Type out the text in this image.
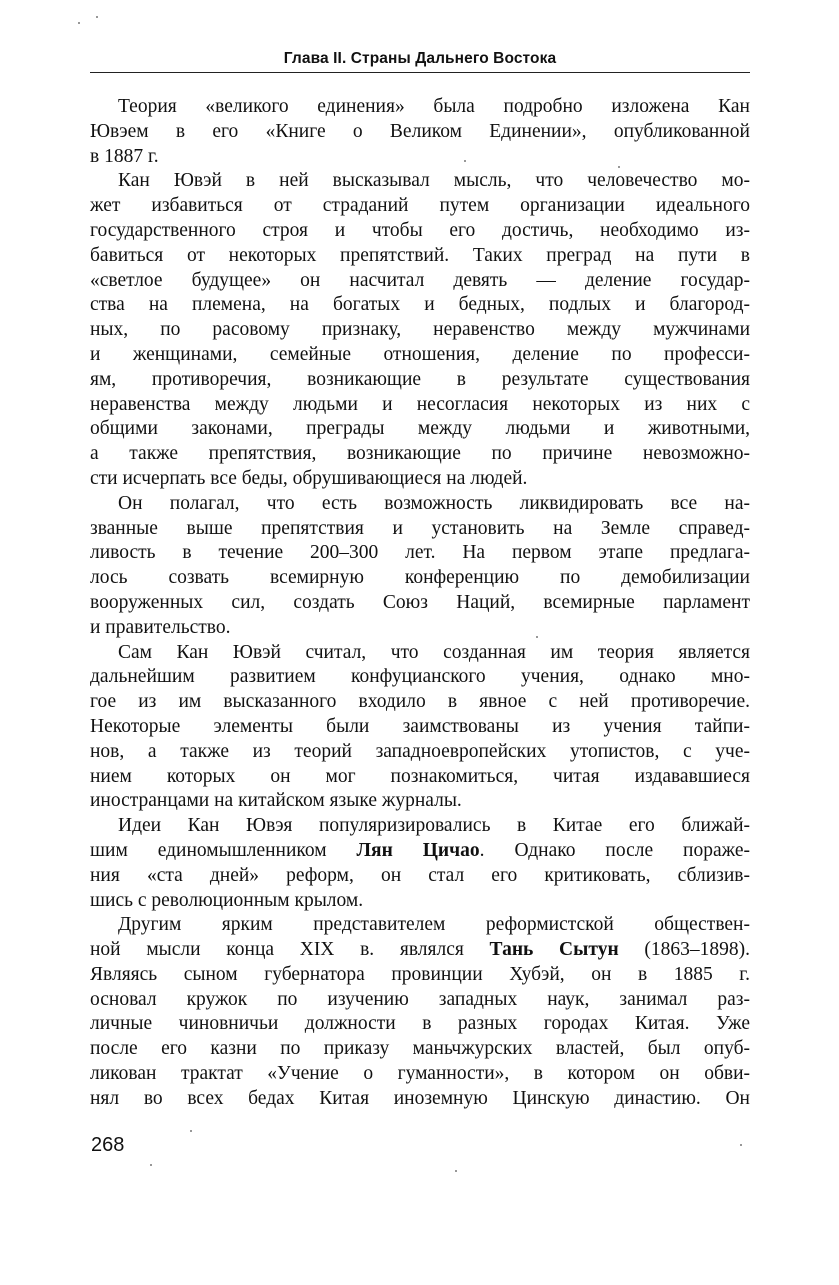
Глава II. Страны Дальнего Востока
Теория «великого единения» была подробно изложена Кан
Ювэем в его «Книге о Великом Единении», опубликованной
в 1887 г.
Кан Ювэй в ней высказывал мысль, что человечество мо-
жет избавиться от страданий путем организации идеального
государственного строя и чтобы его достичь, необходимо из-
бавиться от некоторых препятствий. Таких преград на пути в
«светлое будущее» он насчитал девять — деление государ-
ства на племена, на богатых и бедных, подлых и благород-
ных, по расовому признаку, неравенство между мужчинами
и женщинами, семейные отношения, деление по професси-
ям, противоречия, возникающие в результате существования
неравенства между людьми и несогласия некоторых из них с
общими законами, преграды между людьми и животными,
а также препятствия, возникающие по причине невозможно-
сти исчерпать все беды, обрушивающиеся на людей.
Он полагал, что есть возможность ликвидировать все на-
званные выше препятствия и установить на Земле справед-
ливость в течение 200–300 лет. На первом этапе предлага-
лось созвать всемирную конференцию по демобилизации
вооруженных сил, создать Союз Наций, всемирные парламент
и правительство.
Сам Кан Ювэй считал, что созданная им теория является
дальнейшим развитием конфуцианского учения, однако мно-
гое из им высказанного входило в явное с ней противоречие.
Некоторые элементы были заимствованы из учения тайпи-
нов, а также из теорий западноевропейских утопистов, с уче-
нием которых он мог познакомиться, читая издававшиеся
иностранцами на китайском языке журналы.
Идеи Кан Ювэя популяризировались в Китае его ближай-
шим единомышленником Лян Цичао. Однако после пораже-
ния «ста дней» реформ, он стал его критиковать, сблизив-
шись с революционным крылом.
Другим ярким представителем реформистской обществен-
ной мысли конца XIX в. являлся Тань Сытун (1863–1898).
Являясь сыном губернатора провинции Хубэй, он в 1885 г.
основал кружок по изучению западных наук, занимал раз-
личные чиновничьи должности в разных городах Китая. Уже
после его казни по приказу маньчжурских властей, был опуб-
ликован трактат «Учение о гуманности», в котором он обви-
нял во всех бедах Китая иноземную Цинскую династию. Он
268
